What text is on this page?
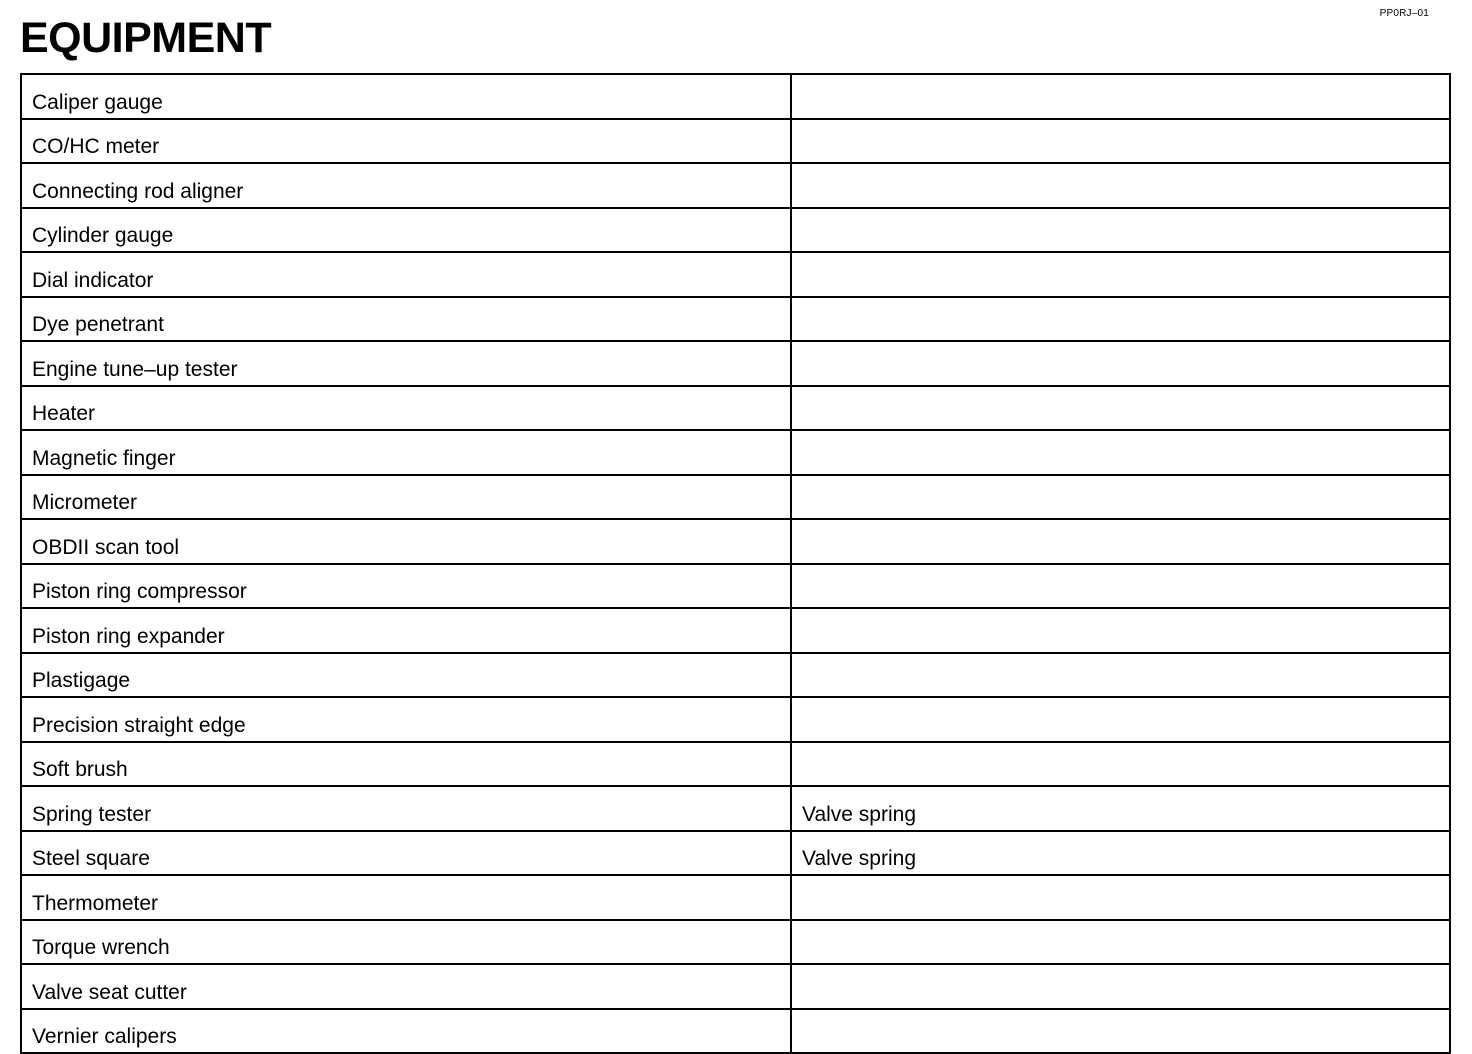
PP0RJ–01
EQUIPMENT
Caliper gauge	
CO/HC meter	
Connecting rod aligner	
Cylinder gauge	
Dial indicator	
Dye penetrant	
Engine tune–up tester	
Heater	
Magnetic finger	
Micrometer	
OBDII scan tool	
Piston ring compressor	
Piston ring expander	
Plastigage	
Precision straight edge	
Soft brush	
Spring tester	Valve spring
Steel square	Valve spring
Thermometer	
Torque wrench	
Valve seat cutter	
Vernier calipers	
